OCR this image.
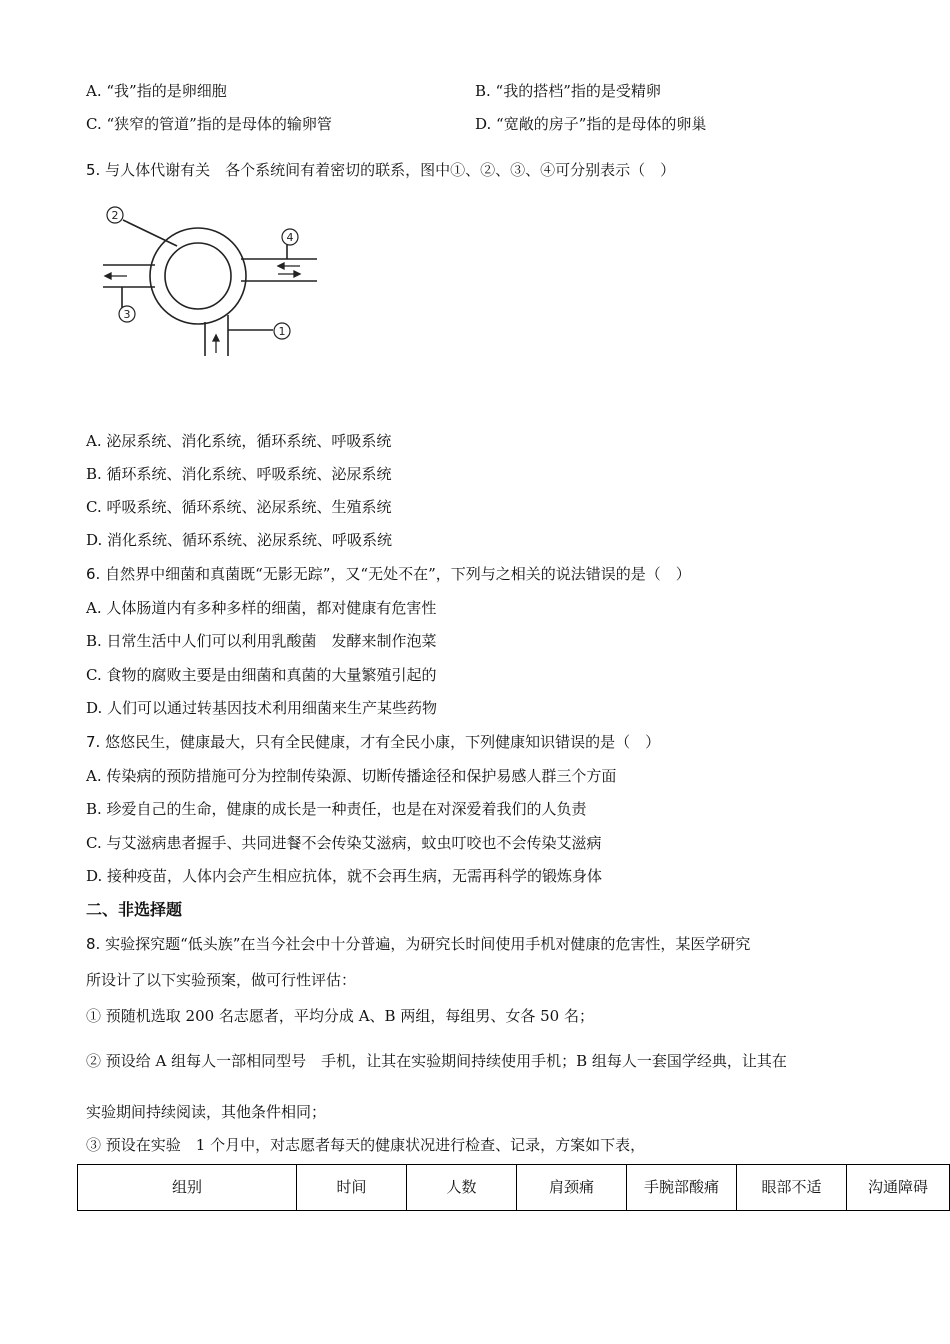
A. “我”指的是卵细胞	B. “我的搭档”指的是受精卵
C. “狭窄的管道”指的是母体的输卵管	D. “宽敞的房子”指的是母体的卵巢
5. 与人体代谢有关　各个系统间有着密切的联系，图中①、②、③、④可分别表示（　）
1
2
3
4
A. 泌尿系统、消化系统，循环系统、呼吸系统
B. 循环系统、消化系统、呼吸系统、泌尿系统
C. 呼吸系统、循环系统、泌尿系统、生殖系统
D. 消化系统、循环系统、泌尿系统、呼吸系统
6. 自然界中细菌和真菌既“无影无踪”，又“无处不在”，下列与之相关的说法错误的是（　）
A. 人体肠道内有多种多样的细菌，都对健康有危害性
B. 日常生活中人们可以利用乳酸菌　发酵来制作泡菜
C. 食物的腐败主要是由细菌和真菌的大量繁殖引起的
D. 人们可以通过转基因技术利用细菌来生产某些药物
7. 悠悠民生，健康最大，只有全民健康，才有全民小康，下列健康知识错误的是（　）
A. 传染病的预防措施可分为控制传染源、切断传播途径和保护易感人群三个方面
B. 珍爱自己的生命，健康的成长是一种责任，也是在对深爱着我们的人负责
C. 与艾滋病患者握手、共同进餐不会传染艾滋病，蚊虫叮咬也不会传染艾滋病
D. 接种疫苗，人体内会产生相应抗体，就不会再生病，无需再科学的锻炼身体
二、非选择题
8. 实验探究题“低头族”在当今社会中十分普遍，为研究长时间使用手机对健康的危害性，某医学研究
所设计了以下实验预案，做可行性评估：
① 预随机选取 200 名志愿者，平均分成 A、B 两组，每组男、女各 50 名；
② 预设给 A 组每人一部相同型号　手机，让其在实验期间持续使用手机；B 组每人一套国学经典，让其在
实验期间持续阅读，其他条件相同；
③ 预设在实验　1 个月中，对志愿者每天的健康状况进行检查、记录，方案如下表，
组别	时间	人数	肩颈痛	手腕部酸痛	眼部不适	沟通障碍
